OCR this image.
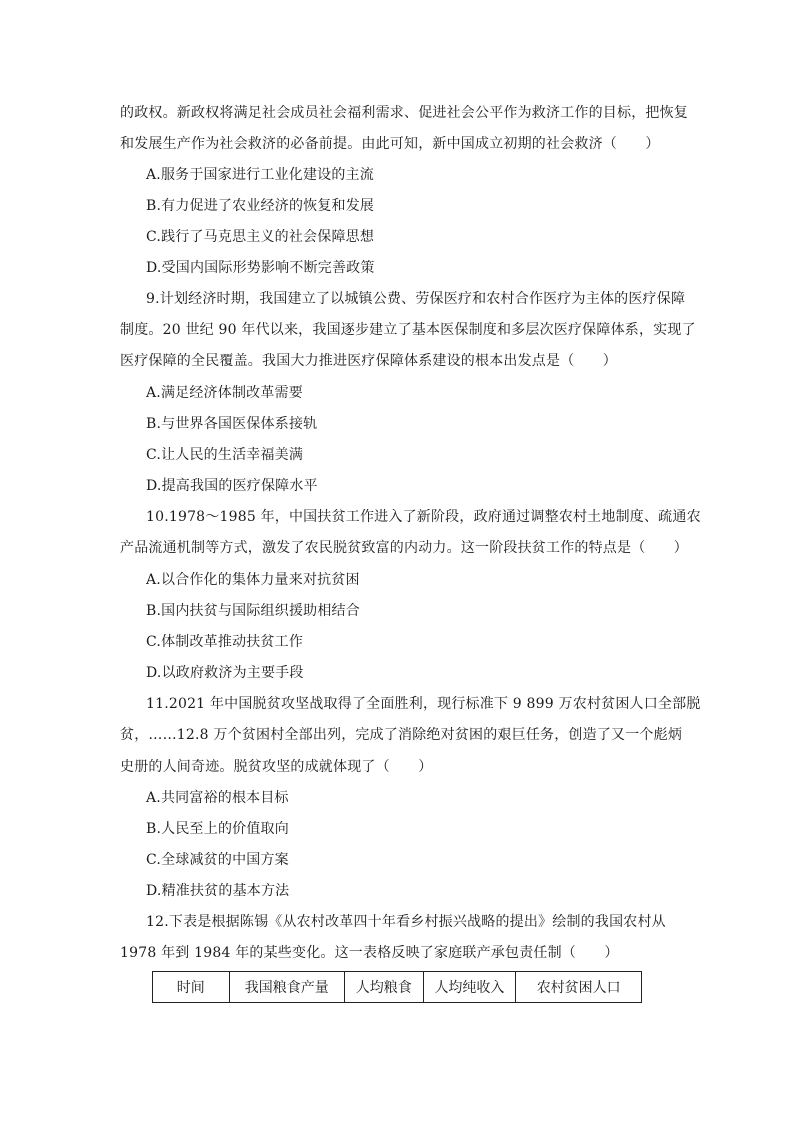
的政权。新政权将满足社会成员社会福利需求、促进社会公平作为救济工作的目标，把恢复
和发展生产作为社会救济的必备前提。由此可知，新中国成立初期的社会救济（　　）
A.服务于国家进行工业化建设的主流
B.有力促进了农业经济的恢复和发展
C.践行了马克思主义的社会保障思想
D.受国内国际形势影响不断完善政策
9.计划经济时期，我国建立了以城镇公费、劳保医疗和农村合作医疗为主体的医疗保障
制度。20 世纪 90 年代以来，我国逐步建立了基本医保制度和多层次医疗保障体系，实现了
医疗保障的全民覆盖。我国大力推进医疗保障体系建设的根本出发点是（　　）
A.满足经济体制改革需要
B.与世界各国医保体系接轨
C.让人民的生活幸福美满
D.提高我国的医疗保障水平
10.1978～1985 年，中国扶贫工作进入了新阶段，政府通过调整农村土地制度、疏通农
产品流通机制等方式，激发了农民脱贫致富的内动力。这一阶段扶贫工作的特点是（　　）
A.以合作化的集体力量来对抗贫困
B.国内扶贫与国际组织援助相结合
C.体制改革推动扶贫工作
D.以政府救济为主要手段
11.2021 年中国脱贫攻坚战取得了全面胜利，现行标准下 9 899 万农村贫困人口全部脱
贫，……12.8 万个贫困村全部出列，完成了消除绝对贫困的艰巨任务，创造了又一个彪炳
史册的人间奇迹。脱贫攻坚的成就体现了（　　）
A.共同富裕的根本目标
B.人民至上的价值取向
C.全球减贫的中国方案
D.精准扶贫的基本方法
12.下表是根据陈锡《从农村改革四十年看乡村振兴战略的提出》绘制的我国农村从
1978 年到 1984 年的某些变化。这一表格反映了家庭联产承包责任制（　　）
时间	我国粮食产量	人均粮食	人均纯收入	农村贫困人口
